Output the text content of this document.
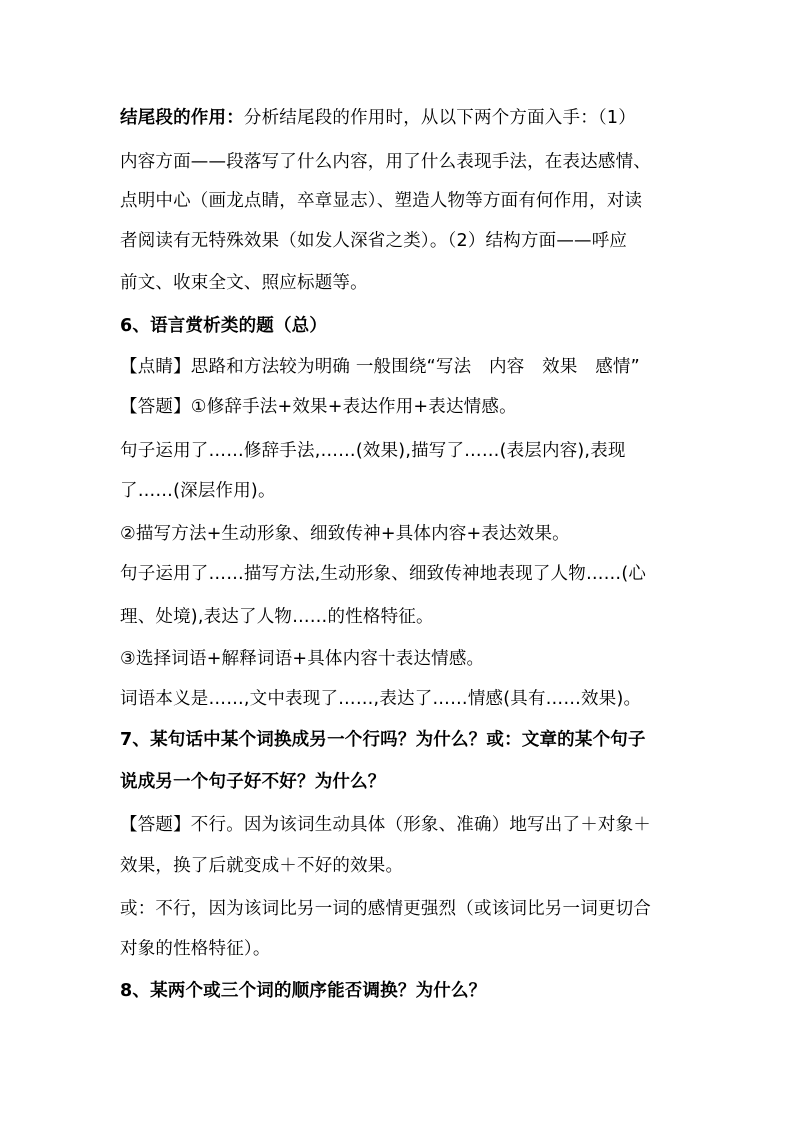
结尾段的作用：分析结尾段的作用时，从以下两个方面入手：（1）
内容方面——段落写了什么内容，用了什么表现手法，在表达感情、
点明中心（画龙点睛，卒章显志）、塑造人物等方面有何作用，对读
者阅读有无特殊效果（如发人深省之类）。（2）结构方面——呼应
前文、收束全文、照应标题等。
6、语言赏析类的题（总）
【点睛】思路和方法较为明确 一般围绕“写法　内容　效果　感情”
【答题】①修辞手法+效果+表达作用+表达情感。
句子运用了……修辞手法,……(效果),描写了……(表层内容),表现
了……(深层作用)。
②描写方法+生动形象、细致传神+具体内容+表达效果。
句子运用了……描写方法,生动形象、细致传神地表现了人物……(心
理、处境),表达了人物……的性格特征。
③选择词语+解释词语+具体内容十表达情感。
词语本义是……,文中表现了……,表达了……情感(具有……效果)。
7、某句话中某个词换成另一个行吗？为什么？或：文章的某个句子
说成另一个句子好不好？为什么？
【答题】不行。因为该词生动具体（形象、准确）地写出了＋对象＋
效果，换了后就变成＋不好的效果。
或：不行，因为该词比另一词的感情更强烈（或该词比另一词更切合
对象的性格特征）。
8、某两个或三个词的顺序能否调换？为什么？
